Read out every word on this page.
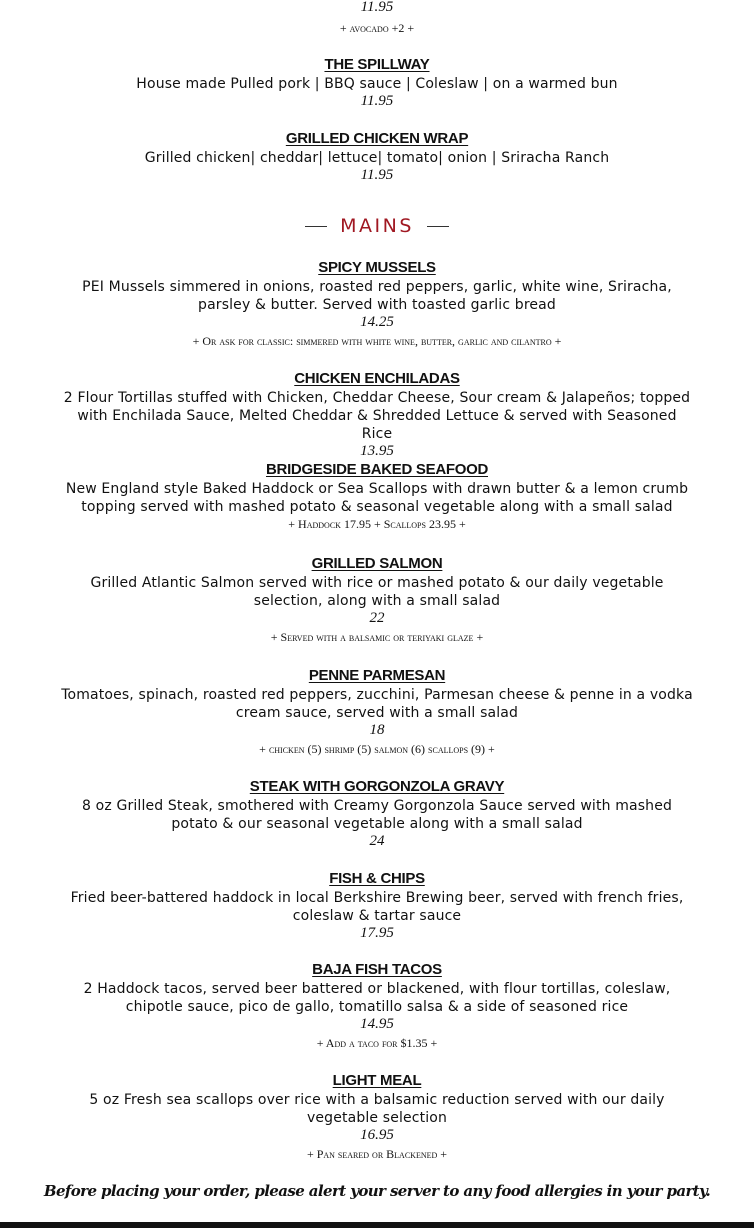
11.95
+ avocado +2 +
THE SPILLWAY
House made Pulled pork | BBQ sauce | Coleslaw | on a warmed bun
11.95
GRILLED CHICKEN WRAP
Grilled chicken| cheddar| lettuce| tomato| onion | Sriracha Ranch
11.95
MAINS
SPICY MUSSELS
PEI Mussels simmered in onions, roasted red peppers, garlic, white wine, Sriracha, parsley & butter. Served with toasted garlic bread
14.25
+ Or ask for classic: simmered with white wine, butter, garlic and cilantro +
CHICKEN ENCHILADAS
2 Flour Tortillas stuffed with Chicken, Cheddar Cheese, Sour cream & Jalapeños; topped with Enchilada Sauce, Melted Cheddar & Shredded Lettuce & served with Seasoned Rice
13.95
BRIDGESIDE BAKED SEAFOOD
New England style Baked Haddock or Sea Scallops with drawn butter & a lemon crumb topping served with mashed potato & seasonal vegetable along with a small salad
+ Haddock 17.95 + Scallops 23.95 +
GRILLED SALMON
Grilled Atlantic Salmon served with rice or mashed potato & our daily vegetable selection, along with a small salad
22
+ Served with a balsamic or teriyaki glaze +
PENNE PARMESAN
Tomatoes, spinach, roasted red peppers, zucchini, Parmesan cheese & penne in a vodka cream sauce, served with a small salad
18
+ chicken (5) shrimp (5) salmon (6) scallops (9) +
STEAK WITH GORGONZOLA GRAVY
8 oz Grilled Steak, smothered with Creamy Gorgonzola Sauce served with mashed potato & our seasonal vegetable along with a small salad
24
FISH & CHIPS
Fried beer-battered haddock in local Berkshire Brewing beer, served with french fries, coleslaw & tartar sauce
17.95
BAJA FISH TACOS
2 Haddock tacos, served beer battered or blackened, with flour tortillas, coleslaw, chipotle sauce, pico de gallo, tomatillo salsa & a side of seasoned rice
14.95
+ Add a taco for $1.35 +
LIGHT MEAL
5 oz Fresh sea scallops over rice with a balsamic reduction served with our daily vegetable selection
16.95
+ Pan seared or Blackened +
Before placing your order, please alert your server to any food allergies in your party.
